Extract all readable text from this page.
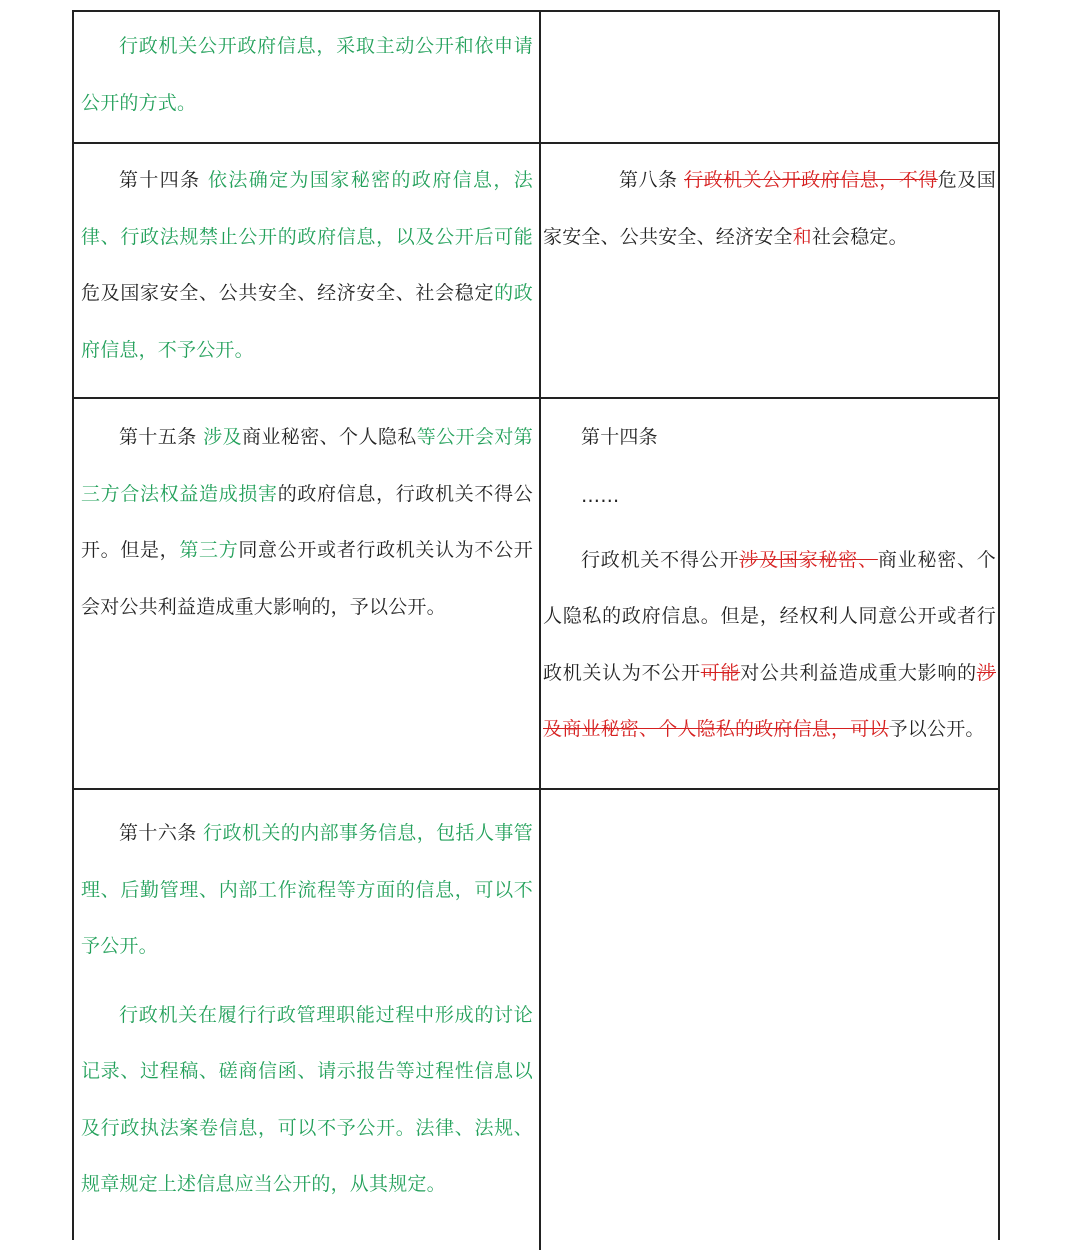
行政机关公开政府信息，采取主动公开和依申请公开的方式。

第十四条 依法确定为国家秘密的政府信息，法律、行政法规禁止公开的政府信息，以及公开后可能危及国家安全、公共安全、经济安全、社会稳定的政府信息，不予公开。

第八条 行政机关公开政府信息，不得危及国家安全、公共安全、经济安全和社会稳定。

第十五条 涉及商业秘密、个人隐私等公开会对第三方合法权益造成损害的政府信息，行政机关不得公开。但是，第三方同意公开或者行政机关认为不公开会对公共利益造成重大影响的，予以公开。

第十四条

……

行政机关不得公开涉及国家秘密、商业秘密、个人隐私的政府信息。但是，经权利人同意公开或者行政机关认为不公开可能对公共利益造成重大影响的涉及商业秘密、个人隐私的政府信息，可以予以公开。

第十六条 行政机关的内部事务信息，包括人事管理、后勤管理、内部工作流程等方面的信息，可以不予公开。

行政机关在履行行政管理职能过程中形成的讨论记录、过程稿、磋商信函、请示报告等过程性信息以及行政执法案卷信息，可以不予公开。法律、法规、规章规定上述信息应当公开的，从其规定。
